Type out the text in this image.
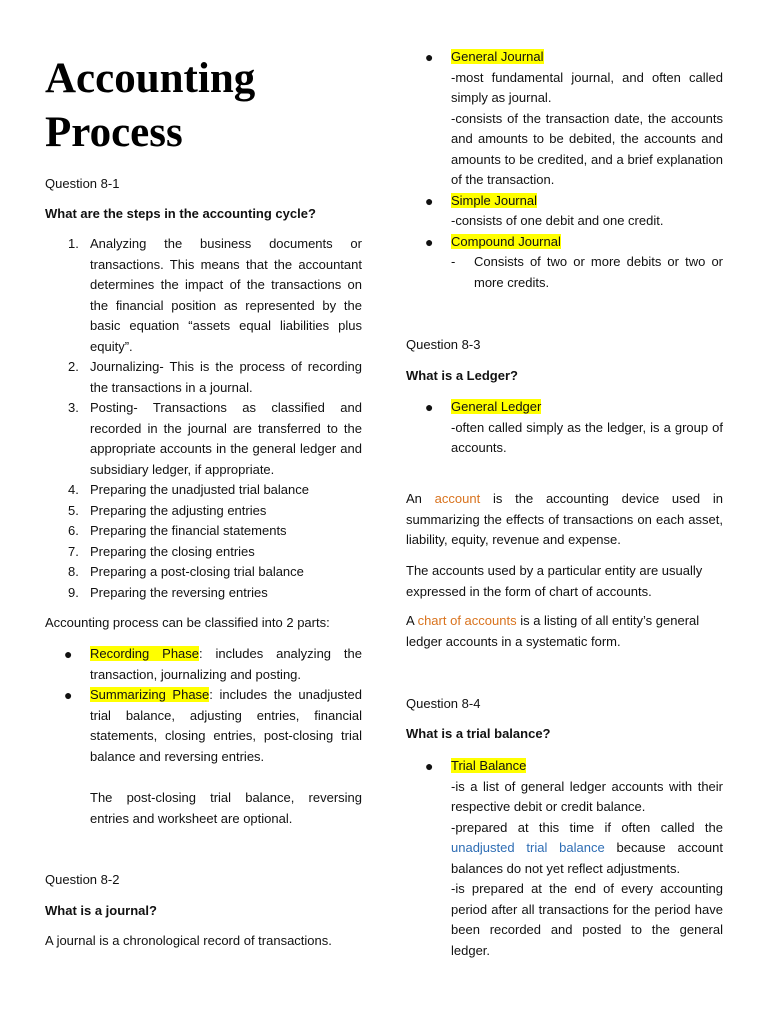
Accounting
Process

Question 8-1

What are the steps in the accounting cycle?

1. Analyzing the business documents or transactions. This means that the accountant determines the impact of the transactions on the financial position as represented by the basic equation “assets equal liabilities plus equity”.
2. Journalizing- This is the process of recording the transactions in a journal.
3. Posting- Transactions as classified and recorded in the journal are transferred to the appropriate accounts in the general ledger and subsidiary ledger, if appropriate.
4. Preparing the unadjusted trial balance
5. Preparing the adjusting entries
6. Preparing the financial statements
7. Preparing the closing entries
8. Preparing a post-closing trial balance
9. Preparing the reversing entries

Accounting process can be classified into 2 parts:

● Recording Phase: includes analyzing the transaction, journalizing and posting.
● Summarizing Phase: includes the unadjusted trial balance, adjusting entries, financial statements, closing entries, post-closing trial balance and reversing entries.

The post-closing trial balance, reversing entries and worksheet are optional.

Question 8-2

What is a journal?

A journal is a chronological record of transactions.

● General Journal
-most fundamental journal, and often called simply as journal.
-consists of the transaction date, the accounts and amounts to be debited, the accounts and amounts to be credited, and a brief explanation of the transaction.
● Simple Journal
-consists of one debit and one credit.
● Compound Journal
- Consists of two or more debits or two or more credits.

Question 8-3

What is a Ledger?

● General Ledger
-often called simply as the ledger, is a group of accounts.

An account is the accounting device used in summarizing the effects of transactions on each asset, liability, equity, revenue and expense.

The accounts used by a particular entity are usually expressed in the form of chart of accounts.

A chart of accounts is a listing of all entity’s general ledger accounts in a systematic form.

Question 8-4

What is a trial balance?

● Trial Balance
-is a list of general ledger accounts with their respective debit or credit balance.
-prepared at this time if often called the unadjusted trial balance because account balances do not yet reflect adjustments.
-is prepared at the end of every accounting period after all transactions for the period have been recorded and posted to the general ledger.
